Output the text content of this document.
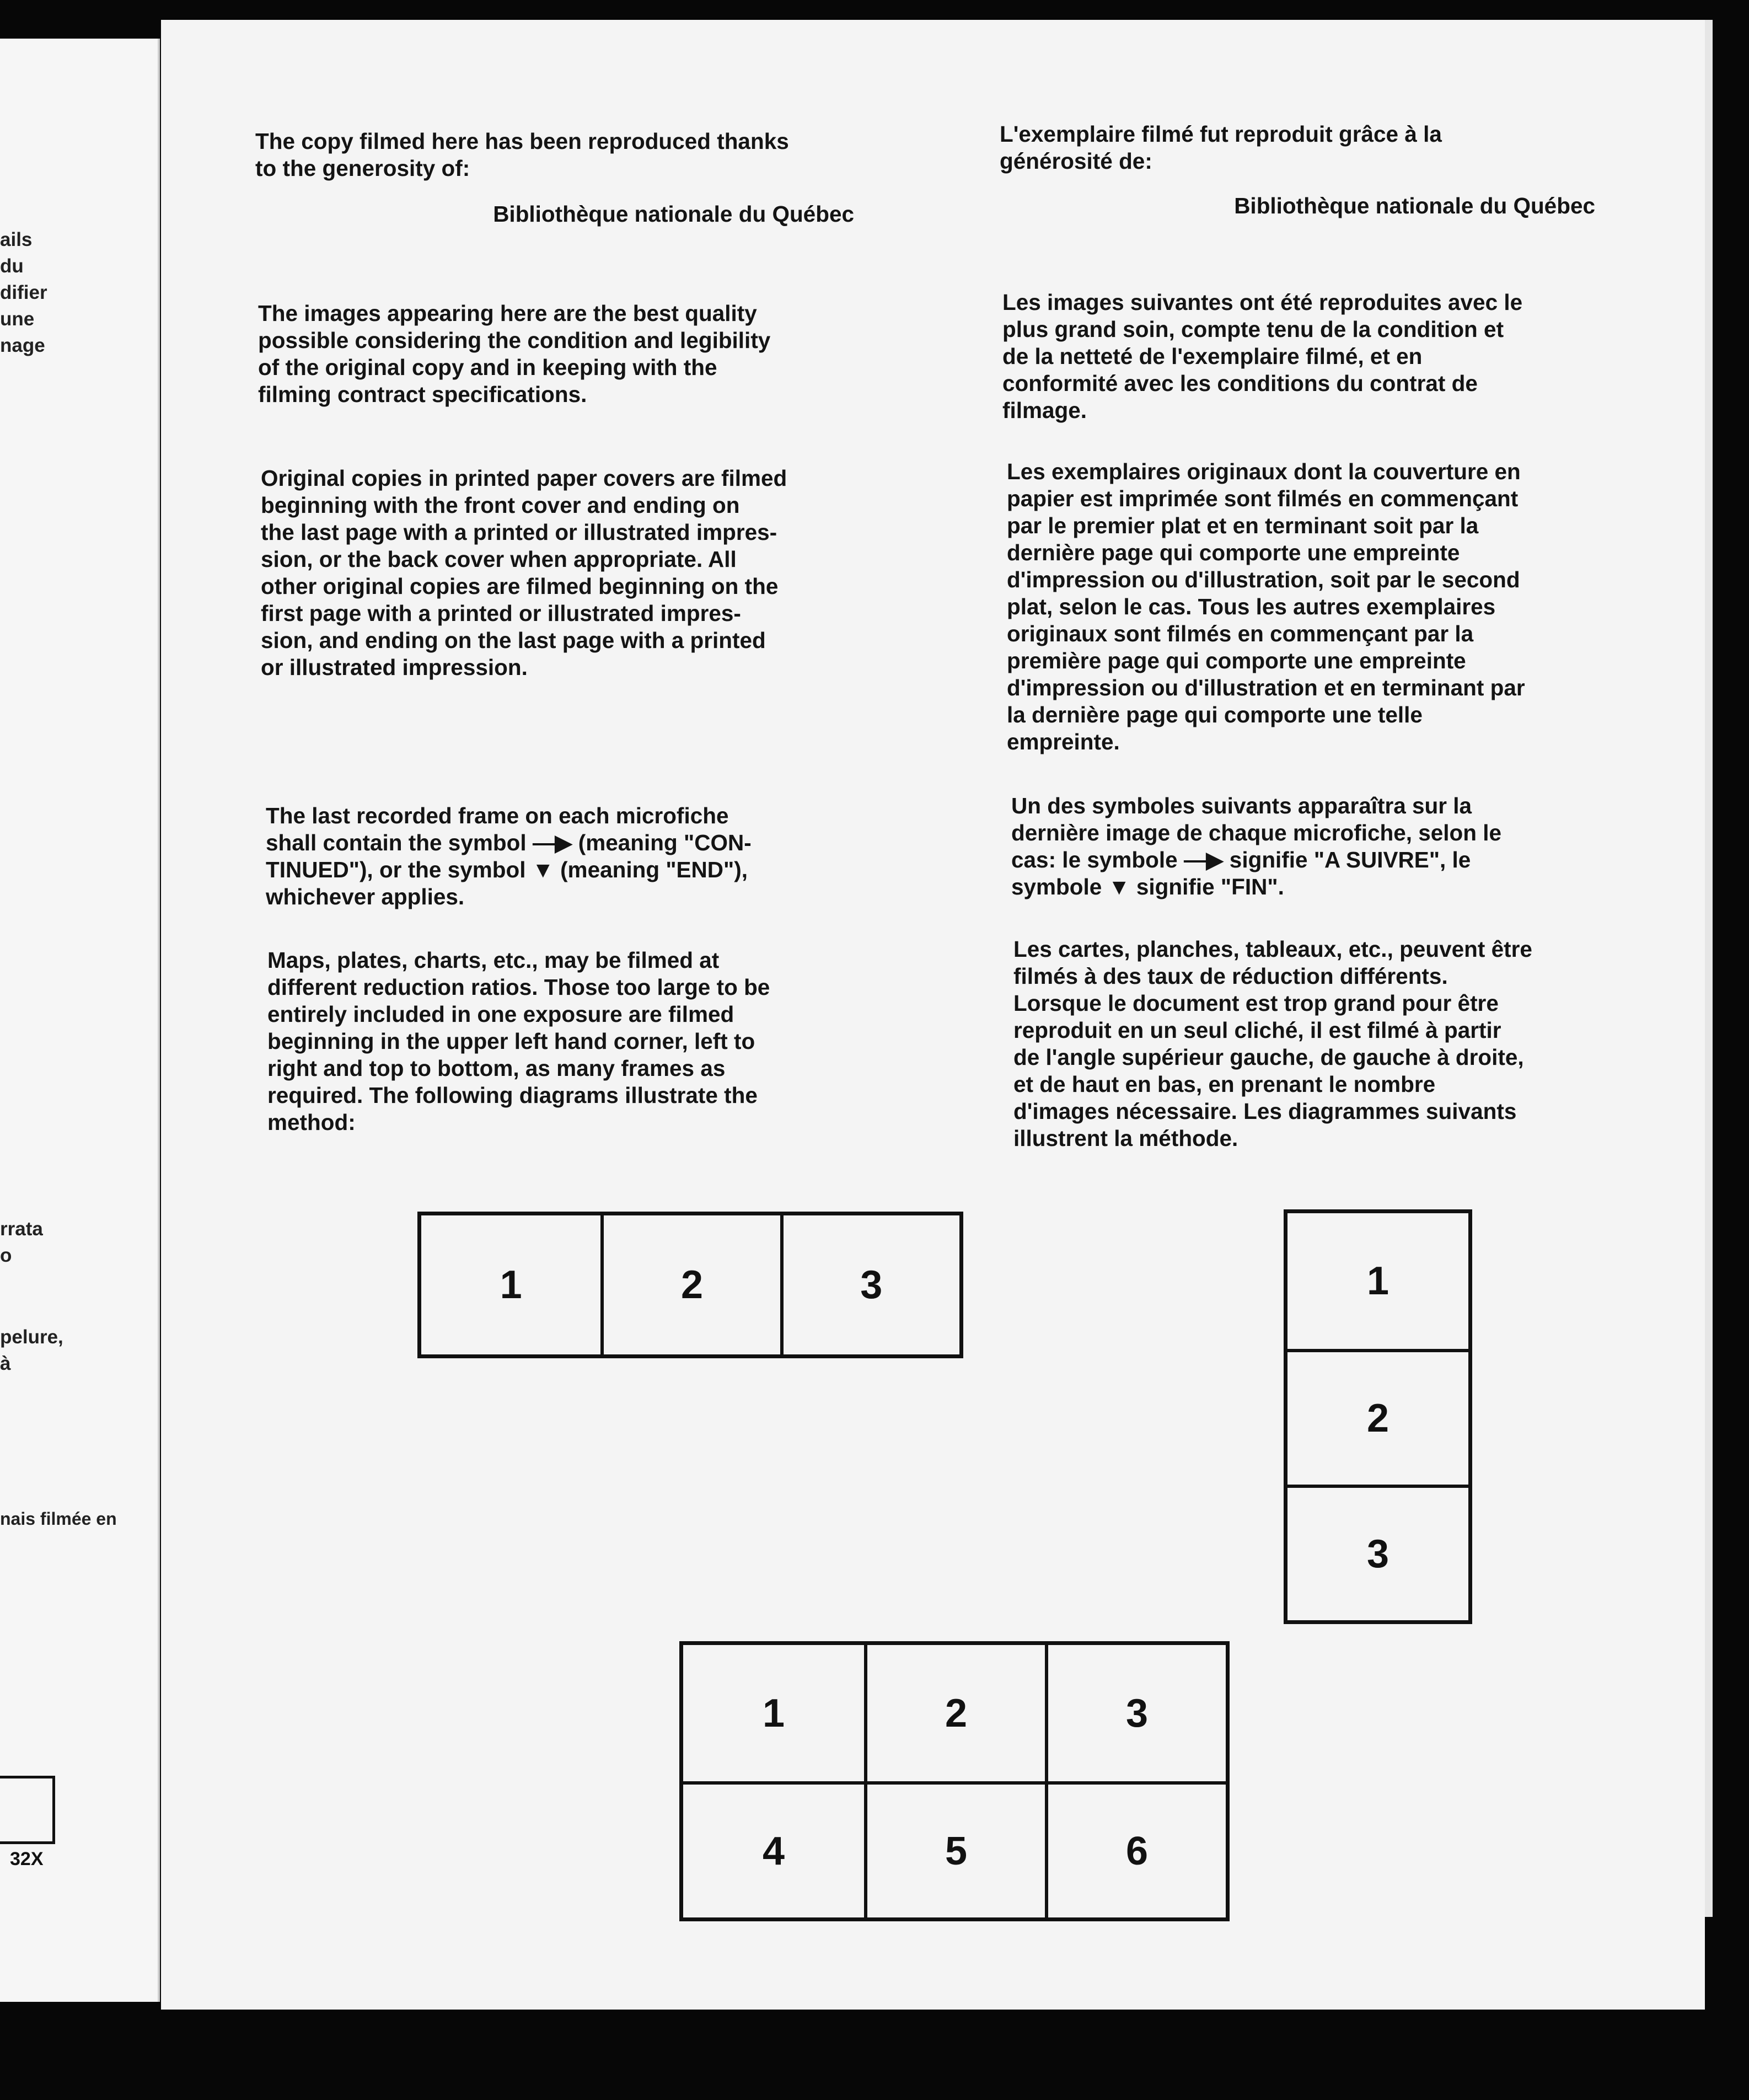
ails
du
difier
une
nage
rrata
o
pelure,
à
nais filmée en
32X

The copy filmed here has been reproduced thanks
to the generosity of:

Bibliothèque nationale du Québec

The images appearing here are the best quality
possible considering the condition and legibility
of the original copy and in keeping with the
filming contract specifications.

Original copies in printed paper covers are filmed
beginning with the front cover and ending on
the last page with a printed or illustrated impres-
sion, or the back cover when appropriate. All
other original copies are filmed beginning on the
first page with a printed or illustrated impres-
sion, and ending on the last page with a printed
or illustrated impression.

The last recorded frame on each microfiche
shall contain the symbol ―▶ (meaning "CON-
TINUED"), or the symbol ▼ (meaning "END"),
whichever applies.

Maps, plates, charts, etc., may be filmed at
different reduction ratios. Those too large to be
entirely included in one exposure are filmed
beginning in the upper left hand corner, left to
right and top to bottom, as many frames as
required. The following diagrams illustrate the
method:

L'exemplaire filmé fut reproduit grâce à la
générosité de:

Bibliothèque nationale du Québec

Les images suivantes ont été reproduites avec le
plus grand soin, compte tenu de la condition et
de la netteté de l'exemplaire filmé, et en
conformité avec les conditions du contrat de
filmage.

Les exemplaires originaux dont la couverture en
papier est imprimée sont filmés en commençant
par le premier plat et en terminant soit par la
dernière page qui comporte une empreinte
d'impression ou d'illustration, soit par le second
plat, selon le cas. Tous les autres exemplaires
originaux sont filmés en commençant par la
première page qui comporte une empreinte
d'impression ou d'illustration et en terminant par
la dernière page qui comporte une telle
empreinte.

Un des symboles suivants apparaîtra sur la
dernière image de chaque microfiche, selon le
cas: le symbole ―▶ signifie "A SUIVRE", le
symbole ▼ signifie "FIN".

Les cartes, planches, tableaux, etc., peuvent être
filmés à des taux de réduction différents.
Lorsque le document est trop grand pour être
reproduit en un seul cliché, il est filmé à partir
de l'angle supérieur gauche, de gauche à droite,
et de haut en bas, en prenant le nombre
d'images nécessaire. Les diagrammes suivants
illustrent la méthode.

1	2	3	1
2
3
1	2	3
4	5	6
